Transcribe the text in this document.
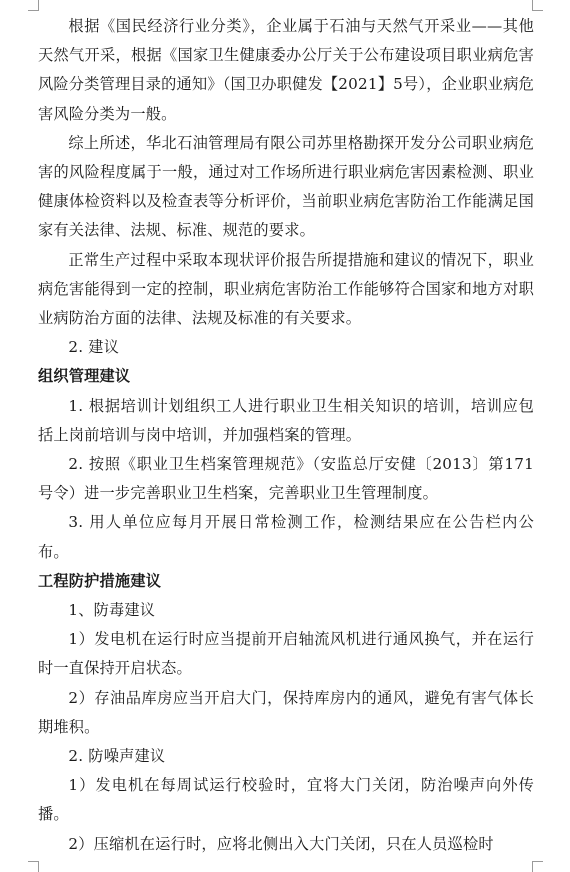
根据《国民经济行业分类》，企业属于石油与天然气开采业——其他天然气开采，根据《国家卫生健康委办公厅关于公布建设项目职业病危害风险分类管理目录的通知》（国卫办职健发【2021】5号），企业职业病危害风险分类为一般。

综上所述，华北石油管理局有限公司苏里格勘探开发分公司职业病危害的风险程度属于一般，通过对工作场所进行职业病危害因素检测、职业健康体检资料以及检查表等分析评价，当前职业病危害防治工作能满足国家有关法律、法规、标准、规范的要求。

正常生产过程中采取本现状评价报告所提措施和建议的情况下，职业病危害能得到一定的控制，职业病危害防治工作能够符合国家和地方对职业病防治方面的法律、法规及标准的有关要求。

2. 建议

组织管理建议

1. 根据培训计划组织工人进行职业卫生相关知识的培训，培训应包括上岗前培训与岗中培训，并加强档案的管理。

2. 按照《职业卫生档案管理规范》（安监总厅安健〔2013〕第171号令）进一步完善职业卫生档案，完善职业卫生管理制度。

3. 用人单位应每月开展日常检测工作，检测结果应在公告栏内公布。

工程防护措施建议

1、防毒建议

1）发电机在运行时应当提前开启轴流风机进行通风换气，并在运行时一直保持开启状态。

2）存油品库房应当开启大门，保持库房内的通风，避免有害气体长期堆积。

2. 防噪声建议

1）发电机在每周试运行校验时，宜将大门关闭，防治噪声向外传播。

2）压缩机在运行时，应将北侧出入大门关闭，只在人员巡检时
